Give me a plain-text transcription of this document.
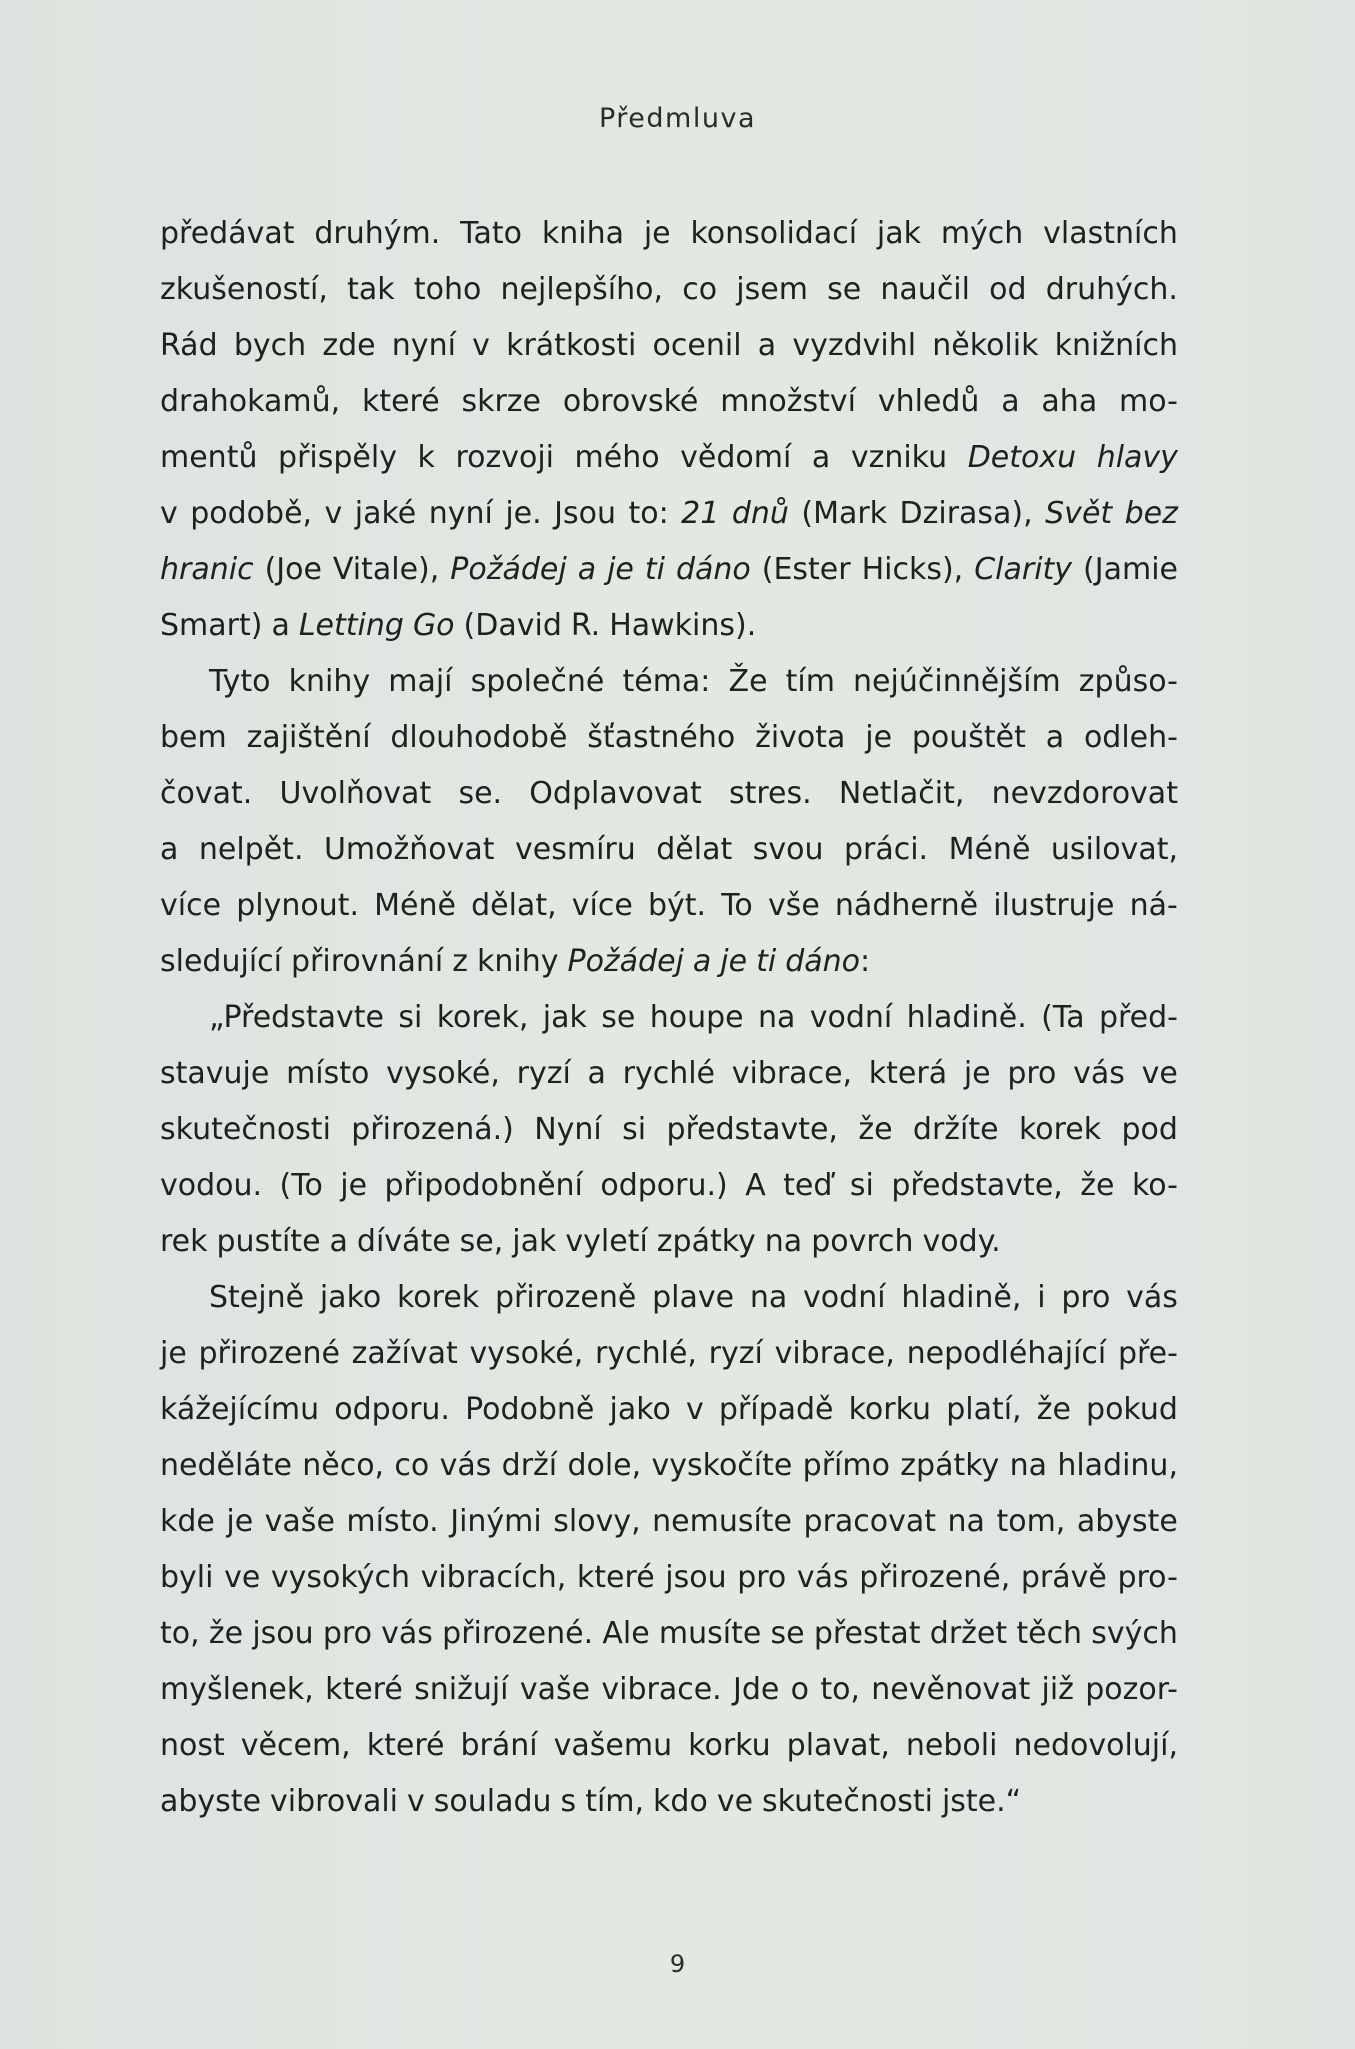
Předmluva
předávat druhým. Tato kniha je konsolidací jak mých vlastních
zkušeností, tak toho nejlepšího, co jsem se naučil od druhých.
Rád bych zde nyní v krátkosti ocenil a vyzdvihl několik knižních
drahokamů, které skrze obrovské množství vhledů a aha mo-
mentů přispěly k rozvoji mého vědomí a vzniku Detoxu hlavy
v podobě, v jaké nyní je. Jsou to: 21 dnů (Mark Dzirasa), Svět bez
hranic (Joe Vitale), Požádej a je ti dáno (Ester Hicks), Clarity (Jamie
Smart) a Letting Go (David R. Hawkins).
Tyto knihy mají společné téma: Že tím nejúčinnějším způso-
bem zajištění dlouhodobě šťastného života je pouštět a odleh-
čovat. Uvolňovat se. Odplavovat stres. Netlačit, nevzdorovat
a nelpět. Umožňovat vesmíru dělat svou práci. Méně usilovat,
více plynout. Méně dělat, více být. To vše nádherně ilustruje ná-
sledující přirovnání z knihy Požádej a je ti dáno :
„Představte si korek, jak se houpe na vodní hladině. (Ta před-
stavuje místo vysoké, ryzí a rychlé vibrace, která je pro vás ve
skutečnosti přirozená.) Nyní si představte, že držíte korek pod
vodou. (To je připodobnění odporu.) A teď si představte, že ko-
rek pustíte a díváte se, jak vyletí zpátky na povrch vody.
Stejně jako korek přirozeně plave na vodní hladině, i pro vás
je přirozené zažívat vysoké, rychlé, ryzí vibrace, nepodléhající pře-
kážejícímu odporu. Podobně jako v případě korku platí, že pokud
neděláte něco, co vás drží dole, vyskočíte přímo zpátky na hladinu,
kde je vaše místo. Jinými slovy, nemusíte pracovat na tom, abyste
byli ve vysokých vibracích, které jsou pro vás přirozené, právě pro-
to, že jsou pro vás přirozené. Ale musíte se přestat držet těch svých
myšlenek, které snižují vaše vibrace. Jde o to, nevěnovat již pozor-
nost věcem, které brání vašemu korku plavat, neboli nedovolují,
abyste vibrovali v souladu s tím, kdo ve skutečnosti jste.“
9
